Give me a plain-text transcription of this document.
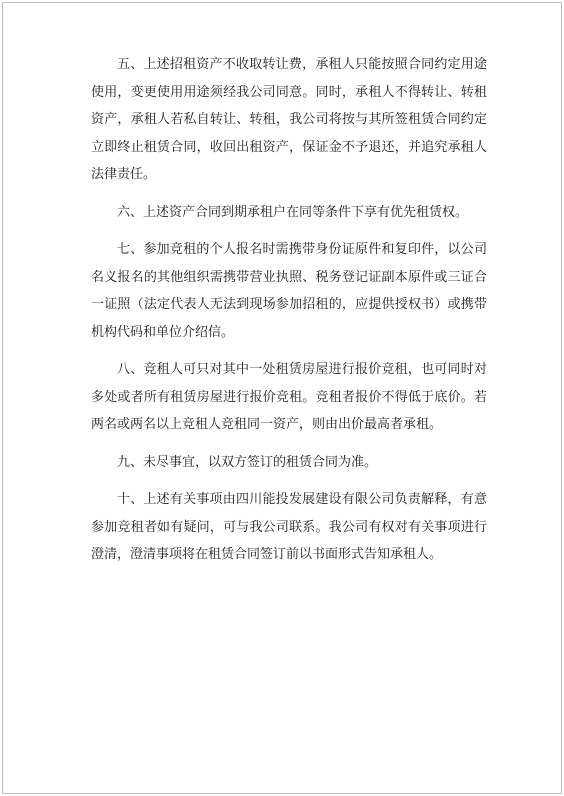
五、上述招租资产不收取转让费，承租人只能按照合同约定用途使用，变更使用用途须经我公司同意。同时，承租人不得转让、转租资产，承租人若私自转让、转租，我公司将按与其所签租赁合同约定立即终止租赁合同，收回出租资产，保证金不予退还，并追究承租人法律责任。

六、上述资产合同到期承租户在同等条件下享有优先租赁权。

七、参加竞租的个人报名时需携带身份证原件和复印件，以公司名义报名的其他组织需携带营业执照、税务登记证副本原件或三证合一证照（法定代表人无法到现场参加招租的，应提供授权书）或携带机构代码和单位介绍信。

八、竞租人可只对其中一处租赁房屋进行报价竞租，也可同时对多处或者所有租赁房屋进行报价竞租。竞租者报价不得低于底价。若两名或两名以上竞租人竞租同一资产，则由出价最高者承租。

九、未尽事宜，以双方签订的租赁合同为准。

十、上述有关事项由四川能投发展建设有限公司负责解释，有意参加竞租者如有疑问，可与我公司联系。我公司有权对有关事项进行澄清，澄清事项将在租赁合同签订前以书面形式告知承租人。
